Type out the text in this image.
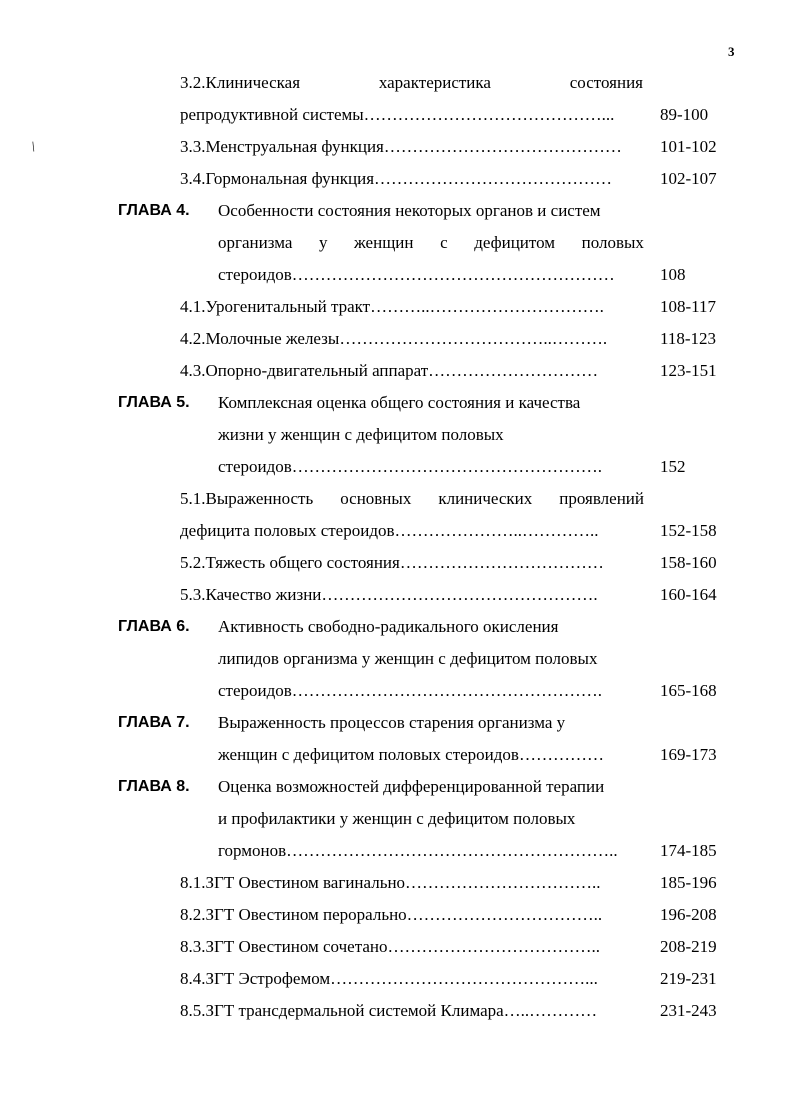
3
/
3.2.Клиническая	характеристика	состояния
репродуктивной системы……………………………………...	89-100
3.3.Менструальная функция…………………………………… 101-102
3.4.Гормональная функция……………………………………	102-107
ГЛАВА 4. Особенности состояния некоторых органов и систем
организма у женщин с дефицитом половых
стероидов…………………………………………………	108
4.1.Урогенитальный тракт………..………………………….	108-117
4.2.Молочные железы………………………………..……….	118-123
4.3.Опорно-двигательный аппарат…………………………	123-151
ГЛАВА 5. Комплексная оценка общего состояния и качества
жизни у женщин с дефицитом половых
стероидов……………………………………………….	152
5.1.Выраженность основных клинических проявлений
дефицита половых стероидов…………………..…………..	152-158
5.2.Тяжесть общего состояния………………………………	158-160
5.3.Качество жизни………………………………………….	160-164
ГЛАВА 6. Активность свободно-радикального окисления
липидов организма у женщин с дефицитом половых
стероидов……………………………………………….	165-168
ГЛАВА 7. Выраженность процессов старения организма у
женщин с дефицитом половых стероидов……………	169-173
ГЛАВА 8. Оценка возможностей дифференцированной терапии
и профилактики у женщин с дефицитом половых
гормонов………………………………………………….. 174-185
8.1.ЗГТ Овестином вагинально……………………………..	185-196
8.2.ЗГТ Овестином перорально……………………………..	196-208
8.3.ЗГТ Овестином сочетано………………………………..	208-219
8.4.ЗГТ Эстрофемом………………………………………...	219-231
8.5.ЗГТ трансдермальной системой Климара…..…………	231-243
